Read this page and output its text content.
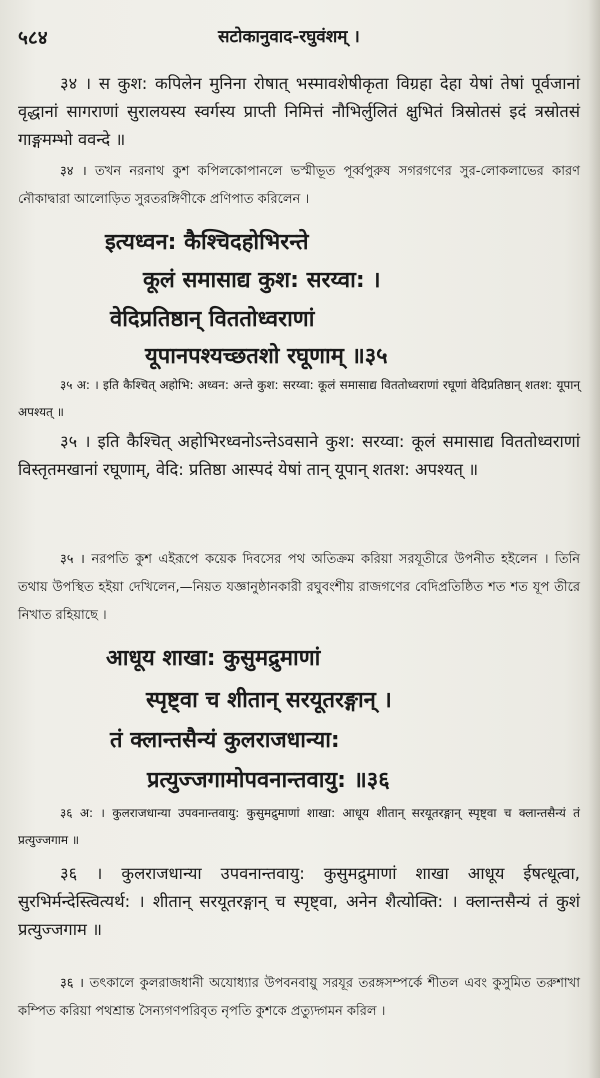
५८४	सटोकानुवाद-रघुवंशम् ।

३४ । स कुश: कपिलेन मुनिना रोषात् भस्मावशेषीकृता विग्रहा देहा येषां तेषां पूर्वजानां वृद्धानां सागराणां सुरालयस्य स्वर्गस्य प्राप्ती निमित्तं नौभिर्लुलितं क्षुभितं त्रिस्रोतसं इदं त्रस्रोतसं गाङ्गमम्भो ववन्दे ॥

३४ । তখন নরনাথ কুশ কপিলকোপানলে ভস্মীভূত পূর্ব্বপুরুষ সগরগণের সুর-লোকলাভের কারণ নৌকাদ্বারা আলোড়িত সুরতরঙ্গিণীকে প্রণিপাত করিলেন ।

इत्यध्वन: कैश्चिदहोभिरन्ते
कूलं समासाद्य कुश: सरय्वा: ।
वेदिप्रतिष्ठान् विततोध्वराणां
यूपानपश्यच्छतशो रघूणाम् ॥३५

३५ अ: । इति कैश्चित् अहोभि: अध्वन: अन्ते कुश: सरय्वा: कूलं समासाद्य विततोध्वराणां रघूणां वेदिप्रतिष्ठान् शतश: यूपान् अपश्यत् ॥

३५ । इति कैश्चित् अहोभिरध्वनोऽन्तेऽवसाने कुश: सरय्वा: कूलं समासाद्य विततोध्वराणां विस्तृतमखानां रघूणाम्, वेदि: प्रतिष्ठा आस्पदं येषां तान् यूपान् शतश: अपश्यत् ॥

३५ । নরপতি কুশ এইরূপে কয়েক দিবসের পথ অতিক্রম করিয়া সরযূতীরে উপনীত হইলেন । তিনি তথায় উপস্থিত হইয়া দেখিলেন,—নিয়ত যজ্ঞানুষ্ঠানকারী রঘুবংশীয় রাজগণের বেদিপ্রতিষ্ঠিত শত শত যূপ তীরে নিখাত রহিয়াছে ।

आधूय शाखा: कुसुमद्रुमाणां
स्पृष्ट्वा च शीतान् सरयूतरङ्गान् ।
तं क्लान्तसैन्यं कुलराजधान्या:
प्रत्युज्जगामोपवनान्तवायु: ॥३६

३६ अ: । कुलराजधान्या उपवनान्तवायु: कुसुमद्रुमाणां शाखा: आधूय शीतान् सरयूतरङ्गान् स्पृष्ट्वा च क्लान्तसैन्यं तं प्रत्युज्जगाम ॥

३६ । कुलराजधान्या उपवनान्तवायु: कुसुमद्रुमाणां शाखा आधूय ईषत्धूत्वा, सुरभिर्मन्देस्त्वित्यर्थ: । शीतान् सरयूतरङ्गान् च स्पृष्ट्वा, अनेन शैत्योक्ति: । क्लान्तसैन्यं तं कुशं प्रत्युज्जगाम ॥

३६ । তৎকালে কুলরাজধানী অযোধ্যার উপবনবায়ু সরযূর তরঙ্গসম্পর্কে শীতল এবং কুসুমিত তরুশাখা কম্পিত করিয়া পথশ্রান্ত সৈন্যগণপরিবৃত নৃপতি কুশকে প্রত্যুদ্গমন করিল ।
